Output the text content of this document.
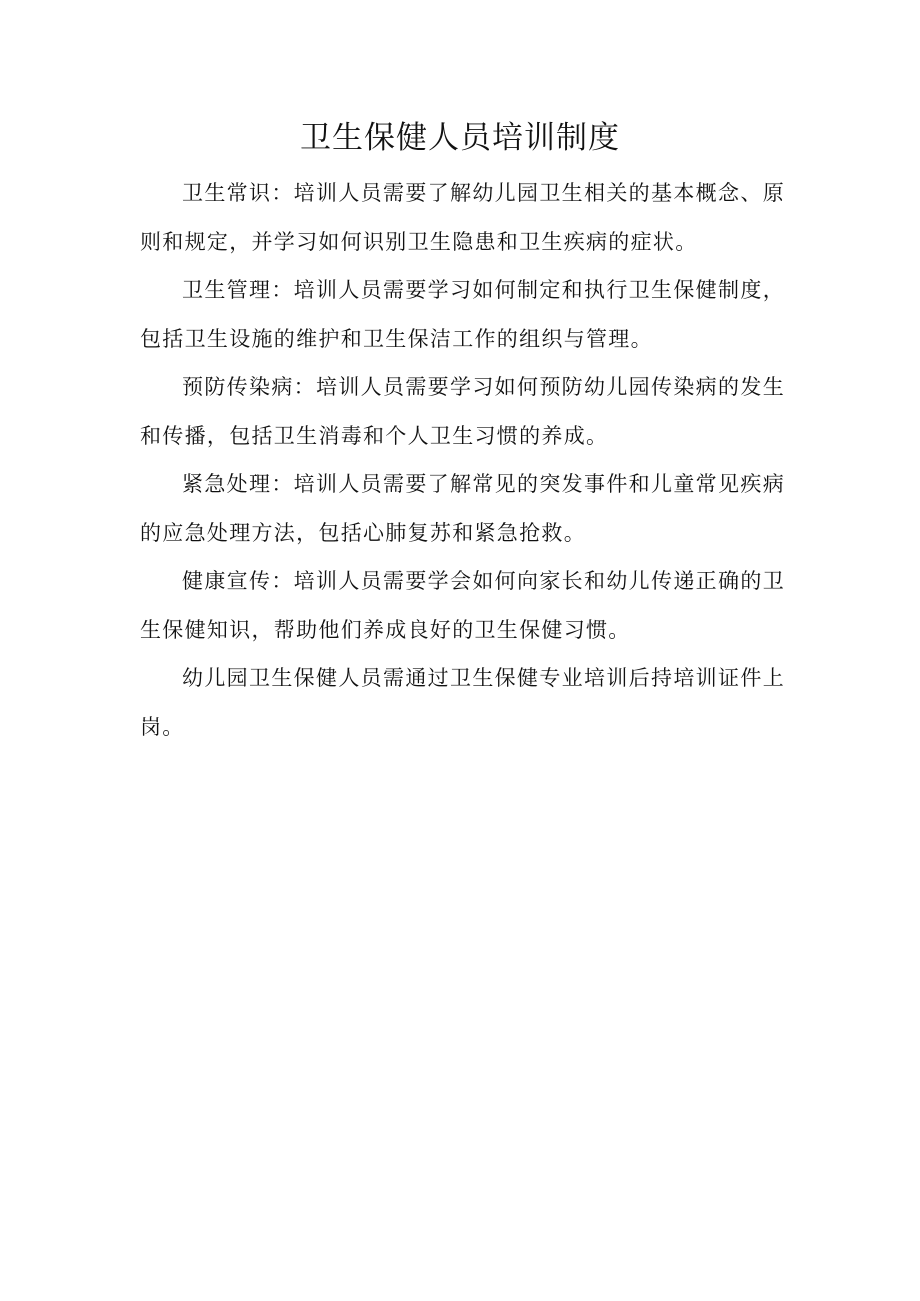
卫生保健人员培训制度

卫生常识：培训人员需要了解幼儿园卫生相关的基本概念、原则和规定，并学习如何识别卫生隐患和卫生疾病的症状。

卫生管理：培训人员需要学习如何制定和执行卫生保健制度，包括卫生设施的维护和卫生保洁工作的组织与管理。

预防传染病：培训人员需要学习如何预防幼儿园传染病的发生和传播，包括卫生消毒和个人卫生习惯的养成。

紧急处理：培训人员需要了解常见的突发事件和儿童常见疾病的应急处理方法，包括心肺复苏和紧急抢救。

健康宣传：培训人员需要学会如何向家长和幼儿传递正确的卫生保健知识，帮助他们养成良好的卫生保健习惯。

幼儿园卫生保健人员需通过卫生保健专业培训后持培训证件上岗。
